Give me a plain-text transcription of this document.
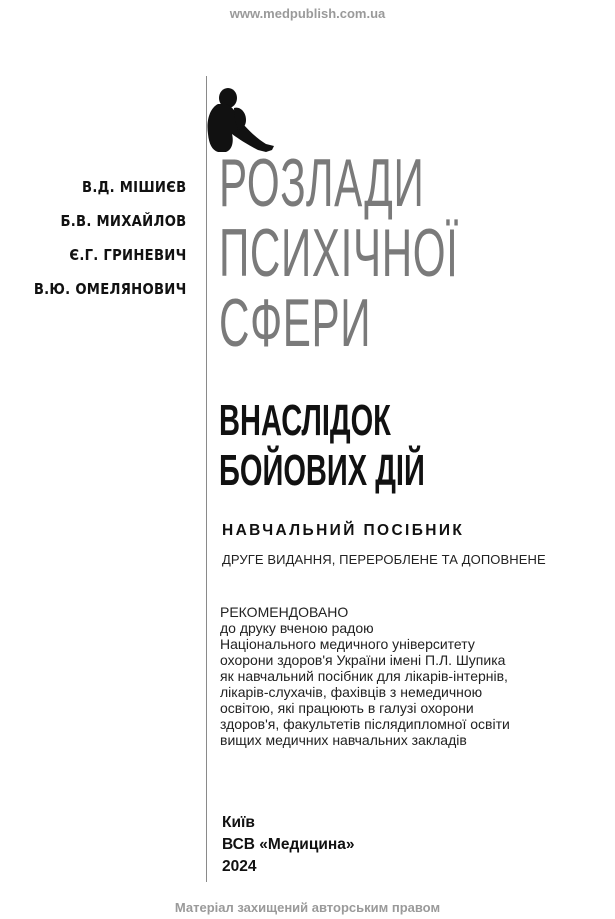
www.medpublish.com.ua
В.Д. МІШИЄВ
Б.В. МИХАЙЛОВ
Є.Г. ГРИНЕВИЧ
В.Ю. ОМЕЛЯНОВИЧ
РОЗЛАДИ
ПСИХІЧНОЇ
СФЕРИ
ВНАСЛІДОК
БОЙОВИХ ДІЙ
НАВЧАЛЬНИЙ ПОСІБНИК
ДРУГЕ ВИДАННЯ, ПЕРЕРОБЛЕНЕ ТА ДОПОВНЕНЕ
РЕКОМЕНДОВАНО
до друку вченою радою
Національного медичного університету
охорони здоров'я України імені П.Л. Шупика
як навчальний посібник для лікарів-інтернів,
лікарів-слухачів, фахівців з немедичною
освітою, які працюють в галузі охорони
здоров'я, факультетів післядипломної освіти
вищих медичних навчальних закладів
Київ
ВСВ «Медицина»
2024
Матеріал захищений авторським правом
